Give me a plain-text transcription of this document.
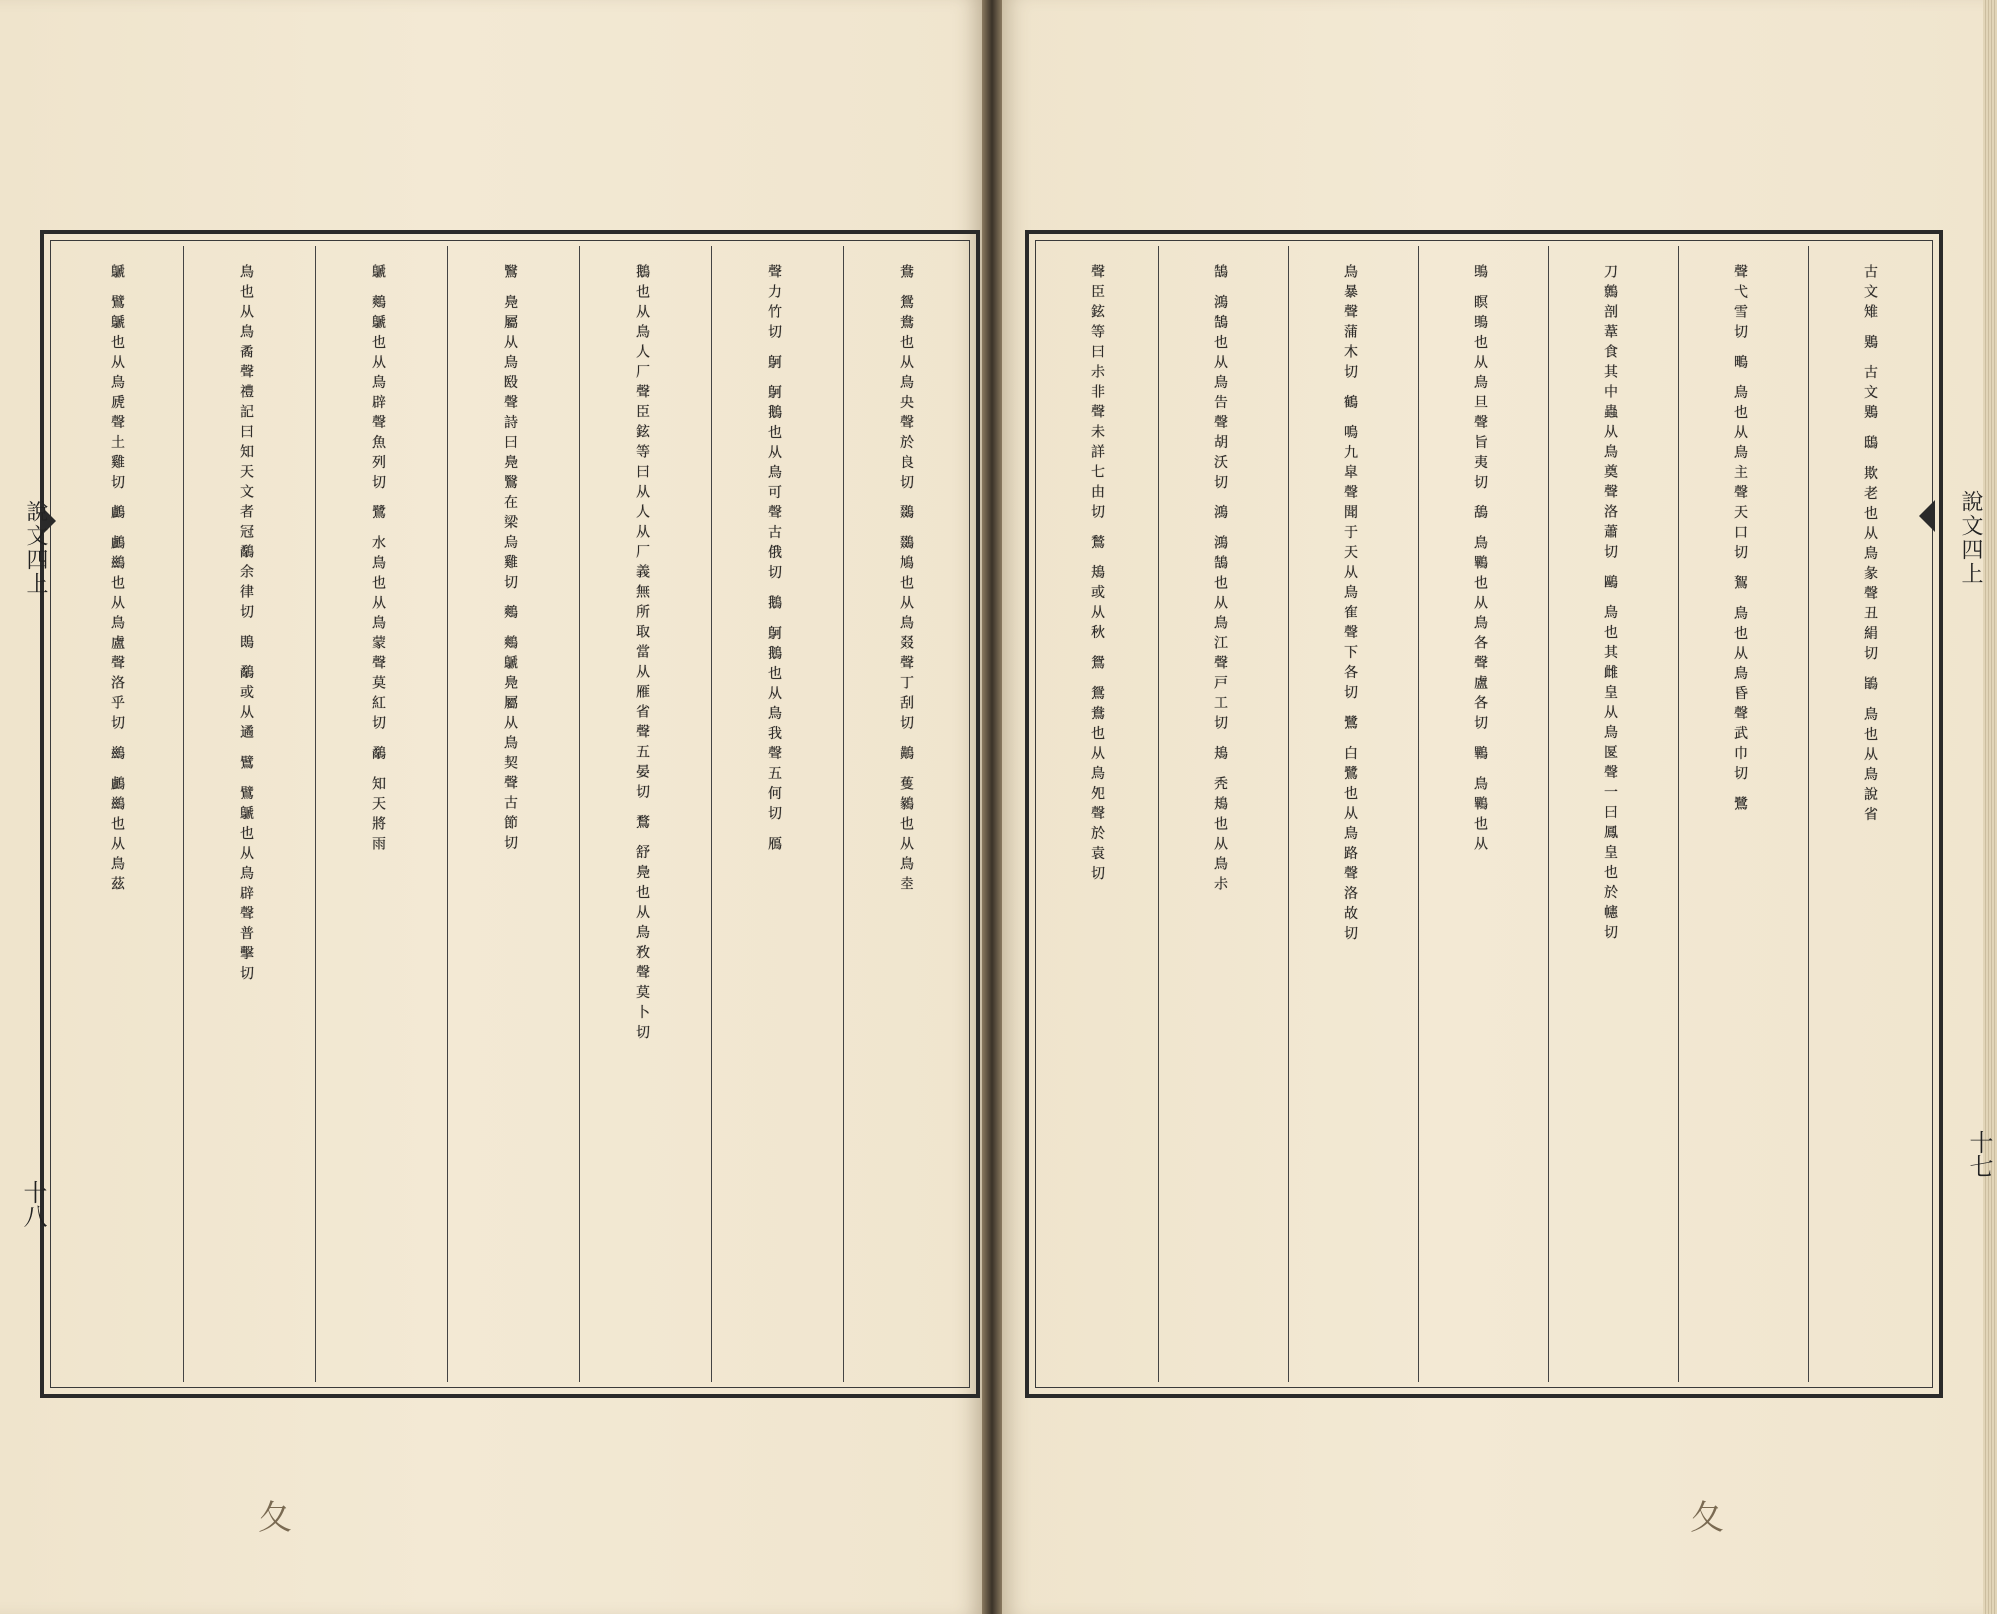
鴦 鴛鴦也从鳥央聲於良切 鵽 鵽鳩也从鳥叕聲丁刮切 鷬 蒦鶨也从鳥坴
聲力竹切 鴚 鴚鵝也从鳥可聲古俄切 鵝 鴚鵝也从鳥我聲五何切 鴈
鵝也从鳥人厂聲臣鉉等曰从人从厂義無所取當从雁省聲五晏切 鶩 舒鳧也从鳥敄聲莫卜切
鷖 鳧屬从鳥殹聲詩曰鳧鷖在梁烏雞切 鷞 鷞鷈鳧屬从鳥契聲古節切
鷈 鷞鷈也从鳥辟聲魚列切 鷺 水鳥也从鳥蒙聲莫紅切 鷸 知天將雨
鳥也从鳥矞聲禮記曰知天文者冠鷸余律切 鵖 鷸或从遹 鷿 鷿鷈也从鳥辟聲普擊切
鷈 鷿鷈也从鳥虒聲土雞切 鸕 鸕鷀也从鳥盧聲洛乎切 鷀 鸕鷀也从鳥茲
說文四上
十八
古文雉 鶪 古文鶪 鴟 欺老也从鳥彖聲丑絹切 鴲 鳥也从鳥說省
聲弋雪切 鴫 鳥也从鳥主聲天口切 鴽 鳥也从鳥昏聲武巾切 鷺
刀鷯剖葦食其中蟲从鳥奠聲洛蕭切 鷗 鳥也其雌皇从鳥匽聲一曰鳳皇也於幰切
鴠 瞑鴠也从鳥旦聲旨夷切 鴰 鳥鷝也从鳥各聲盧各切 鷝 鳥鷝也从
鳥暴聲蒲木切 鶴 鳴九皐聲聞于天从鳥隺聲下各切 鷺 白鷺也从鳥路聲洛故切
鵠 鴻鵠也从鳥告聲胡沃切 鴻 鴻鵠也从鳥江聲戸工切 鳺 秃鳺也从鳥尗
聲臣鉉等曰尗非聲未詳七由切 鶖 鳺或从秋 鴛 鴛鴦也从鳥夗聲於袁切	說文四上
十七
夂	夂
